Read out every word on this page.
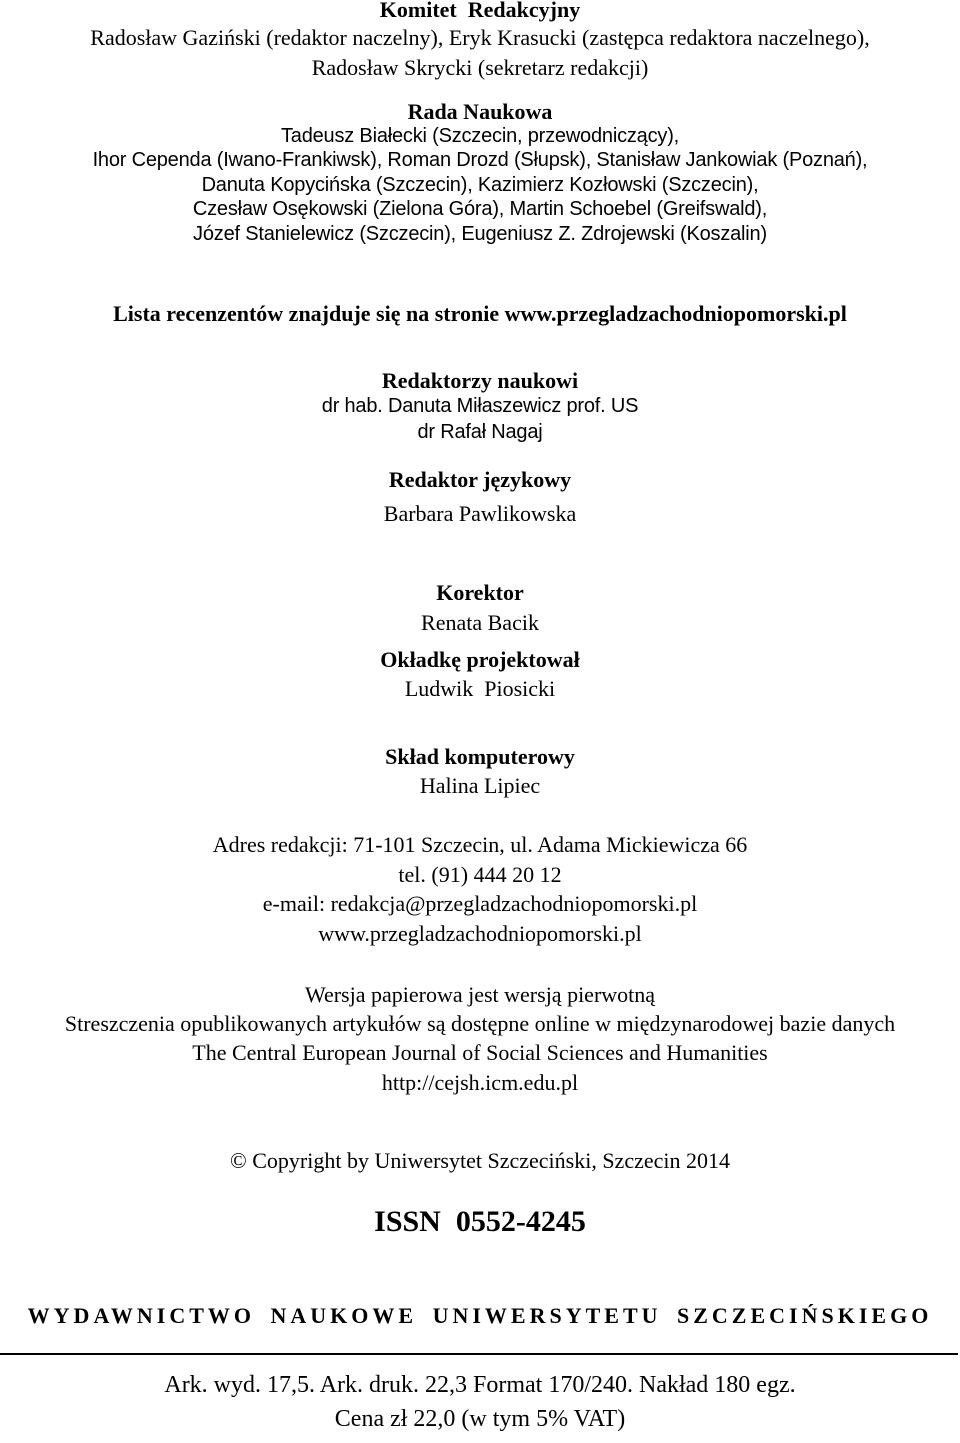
Komitet  Redakcyjny
Radosław Gaziński (redaktor naczelny), Eryk Krasucki (zastępca redaktora naczelnego),
Radosław Skrycki (sekretarz redakcji)
Rada Naukowa
Tadeusz Białecki (Szczecin, przewodniczący),
Ihor Cependa (Iwano-Frankiwsk), Roman Drozd (Słupsk), Stanisław Jankowiak (Poznań),
Danuta Kopycińska (Szczecin), Kazimierz Kozłowski (Szczecin),
Czesław Osękowski (Zielona Góra), Martin Schoebel (Greifswald),
Józef Stanielewicz (Szczecin), Eugeniusz Z. Zdrojewski (Koszalin)
Lista recenzentów znajduje się na stronie www.przegladzachodniopomorski.pl
Redaktorzy naukowi
dr hab. Danuta Miłaszewicz prof. US
dr Rafał Nagaj
Redaktor językowy
Barbara Pawlikowska
Korektor
Renata Bacik
Okładkę projektował
Ludwik  Piosicki
Skład komputerowy
Halina Lipiec
Adres redakcji: 71-101 Szczecin, ul. Adama Mickiewicza 66
tel. (91) 444 20 12
e-mail: redakcja@przegladzachodniopomorski.pl
www.przegladzachodniopomorski.pl
Wersja papierowa jest wersją pierwotną
Streszczenia opublikowanych artykułów są dostępne online w międzynarodowej bazie danych
The Central European Journal of Social Sciences and Humanities
http://cejsh.icm.edu.pl
© Copyright by Uniwersytet Szczeciński, Szczecin 2014
ISSN  0552-4245
WYDAWNICTWO NAUKOWE UNIWERSYTETU SZCZECIŃSKIEGO
Ark. wyd. 17,5. Ark. druk. 22,3 Format 170/240. Nakład 180 egz.
Cena zł 22,0 (w tym 5% VAT)
